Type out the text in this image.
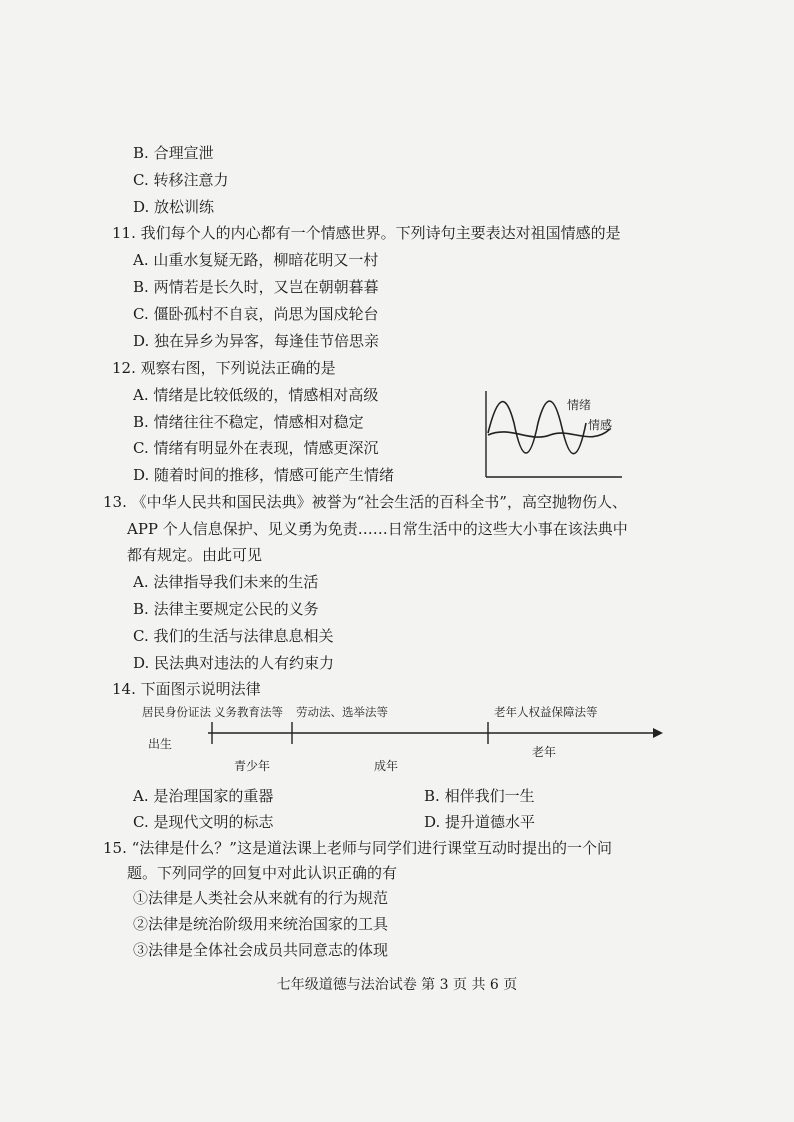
B. 合理宣泄
C. 转移注意力
D. 放松训练
11. 我们每个人的内心都有一个情感世界。下列诗句主要表达对祖国情感的是
A. 山重水复疑无路，柳暗花明又一村
B. 两情若是长久时，又岂在朝朝暮暮
C. 僵卧孤村不自哀，尚思为国戍轮台
D. 独在异乡为异客，每逢佳节倍思亲
12. 观察右图，下列说法正确的是
A. 情绪是比较低级的，情感相对高级
B. 情绪往往不稳定，情感相对稳定
C. 情绪有明显外在表现，情感更深沉
D. 随着时间的推移，情感可能产生情绪
情绪
情感
13. 《中华人民共和国民法典》被誉为“社会生活的百科全书”，高空抛物伤人、
APP 个人信息保护、见义勇为免责……日常生活中的这些大小事在该法典中
都有规定。由此可见
A. 法律指导我们未来的生活
B. 法律主要规定公民的义务
C. 我们的生活与法律息息相关
D. 民法典对违法的人有约束力
14. 下面图示说明法律
居民身份证法 义务教育法等 劳动法、选举法等	老年人权益保障法等
出生
青少年	成年
老年
A. 是治理国家的重器	B. 相伴我们一生
C. 是现代文明的标志	D. 提升道德水平
15. “法律是什么？”这是道法课上老师与同学们进行课堂互动时提出的一个问
题。下列同学的回复中对此认识正确的有
①法律是人类社会从来就有的行为规范
②法律是统治阶级用来统治国家的工具
③法律是全体社会成员共同意志的体现
七年级道德与法治试卷 第 3 页 共 6 页
